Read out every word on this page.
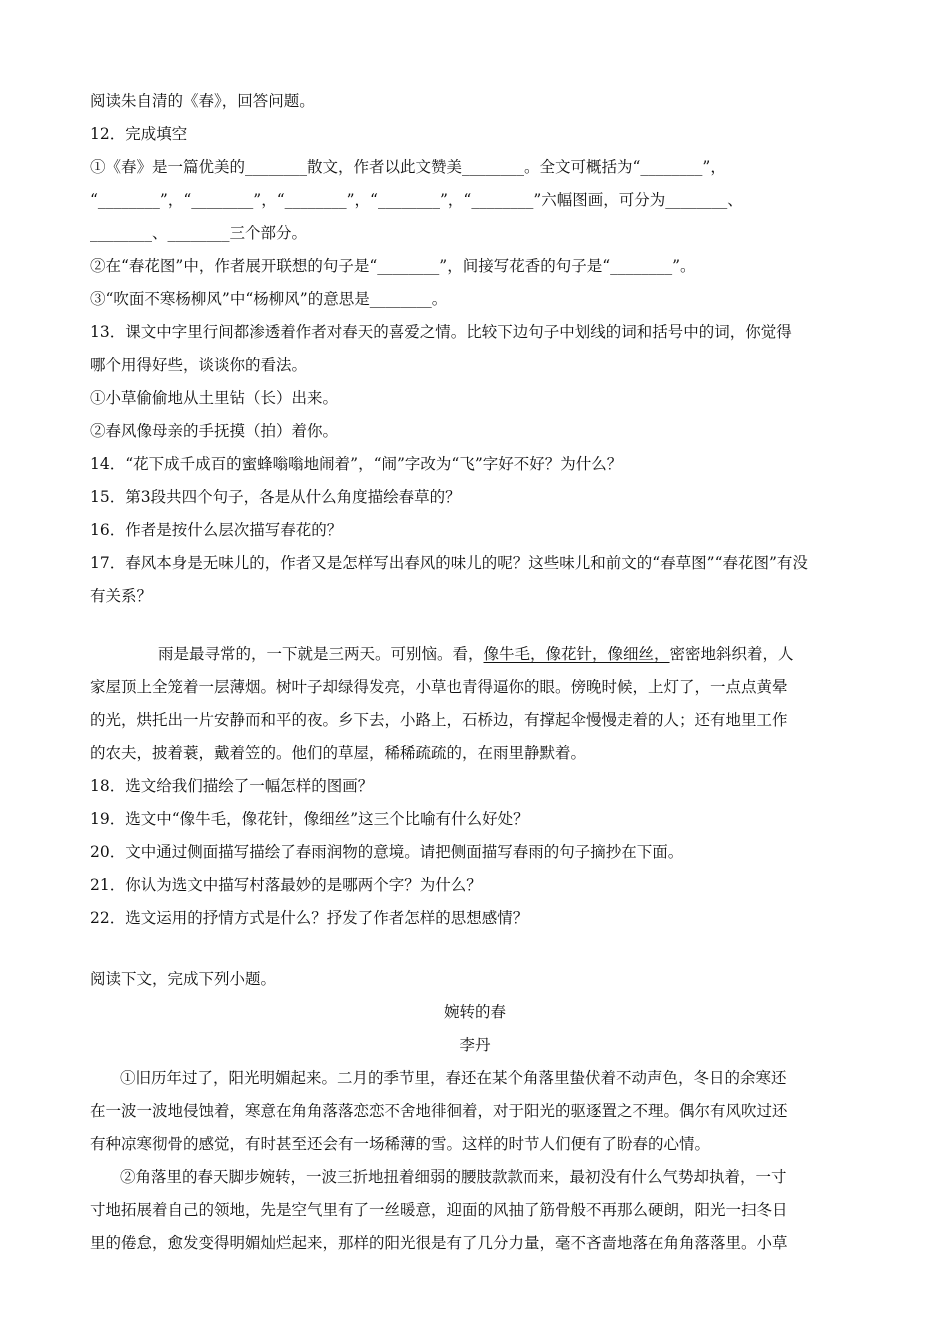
阅读朱自清的《春》，回答问题。
12．完成填空
①《春》是一篇优美的________散文，作者以此文赞美________。全文可概括为“________”，
“________”，“________”，“________”，“________”，“________”六幅图画，可分为________、
________、________三个部分。
②在“春花图”中，作者展开联想的句子是“________”，间接写花香的句子是“________”。
③“吹面不寒杨柳风”中“杨柳风”的意思是________。
13．课文中字里行间都渗透着作者对春天的喜爱之情。比较下边句子中划线的词和括号中的词，你觉得
哪个用得好些，谈谈你的看法。
①小草偷偷地从土里钻（长）出来。
②春风像母亲的手抚摸（拍）着你。
14．“花下成千成百的蜜蜂嗡嗡地闹着”，“闹”字改为“飞”字好不好？为什么？
15．第3段共四个句子，各是从什么角度描绘春草的？
16．作者是按什么层次描写春花的？
17．春风本身是无味儿的，作者又是怎样写出春风的味儿的呢？这些味儿和前文的“春草图”“春花图”有没
有关系？
雨是最寻常的，一下就是三两天。可别恼。看，像牛毛，像花针，像细丝，密密地斜织着，人
家屋顶上全笼着一层薄烟。树叶子却绿得发亮，小草也青得逼你的眼。傍晚时候，上灯了，一点点黄晕
的光，烘托出一片安静而和平的夜。乡下去，小路上，石桥边，有撑起伞慢慢走着的人；还有地里工作
的农夫，披着蓑，戴着笠的。他们的草屋，稀稀疏疏的，在雨里静默着。
18．选文给我们描绘了一幅怎样的图画？
19．选文中“像牛毛，像花针，像细丝”这三个比喻有什么好处？
20．文中通过侧面描写描绘了春雨润物的意境。请把侧面描写春雨的句子摘抄在下面。
21．你认为选文中描写村落最妙的是哪两个字？为什么？
22．选文运用的抒情方式是什么？抒发了作者怎样的思想感情？
阅读下文，完成下列小题。
婉转的春
李丹
①旧历年过了，阳光明媚起来。二月的季节里，春还在某个角落里蛰伏着不动声色，冬日的余寒还
在一波一波地侵蚀着，寒意在角角落落恋恋不舍地徘徊着，对于阳光的驱逐置之不理。偶尔有风吹过还
有种凉寒彻骨的感觉，有时甚至还会有一场稀薄的雪。这样的时节人们便有了盼春的心情。
②角落里的春天脚步婉转，一波三折地扭着细弱的腰肢款款而来，最初没有什么气势却执着，一寸
寸地拓展着自己的领地，先是空气里有了一丝暖意，迎面的风抽了筋骨般不再那么硬朗，阳光一扫冬日
里的倦怠，愈发变得明媚灿烂起来，那样的阳光很是有了几分力量，毫不吝啬地落在角角落落里。小草
